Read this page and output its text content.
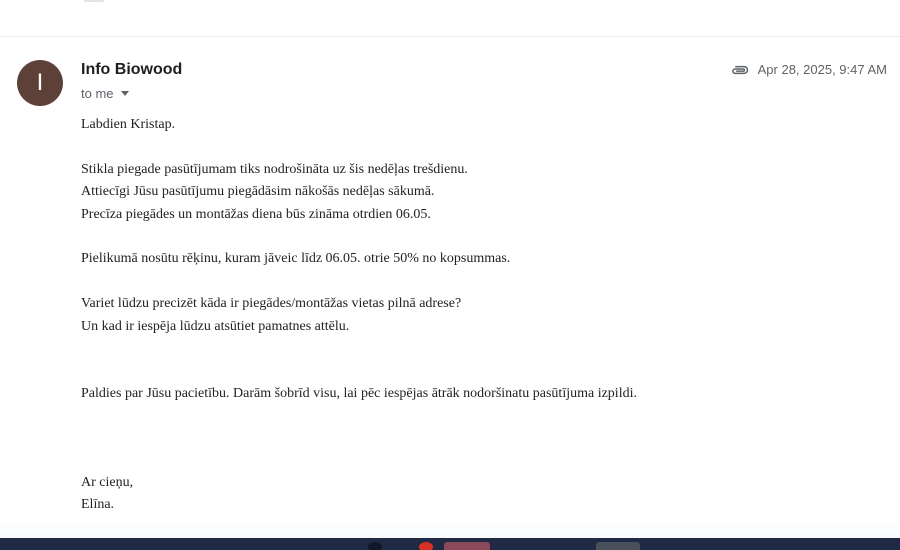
I Info Biowood
to me
Apr 28, 2025, 9:47 AM
Labdien Kristap.
Stikla piegade pasūtījumam tiks nodrošināta uz šis nedēļas trešdienu.
Attiecīgi Jūsu pasūtījumu piegādāsim nākošās nedēļas sākumā.
Precīza piegādes un montāžas diena būs zināma otrdien 06.05.
Pielikumā nosūtu rēķinu, kuram jāveic līdz 06.05. otrie 50% no kopsummas.
Variet lūdzu precizēt kāda ir piegādes/montāžas vietas pilnā adrese?
Un kad ir iespēja lūdzu atsūtiet pamatnes attēlu.
Paldies par Jūsu pacietību. Darām šobrīd visu, lai pēc iespējas ātrāk nodoršinatu pasūtījuma izpildi.
Ar cieņu,
Elīna.
